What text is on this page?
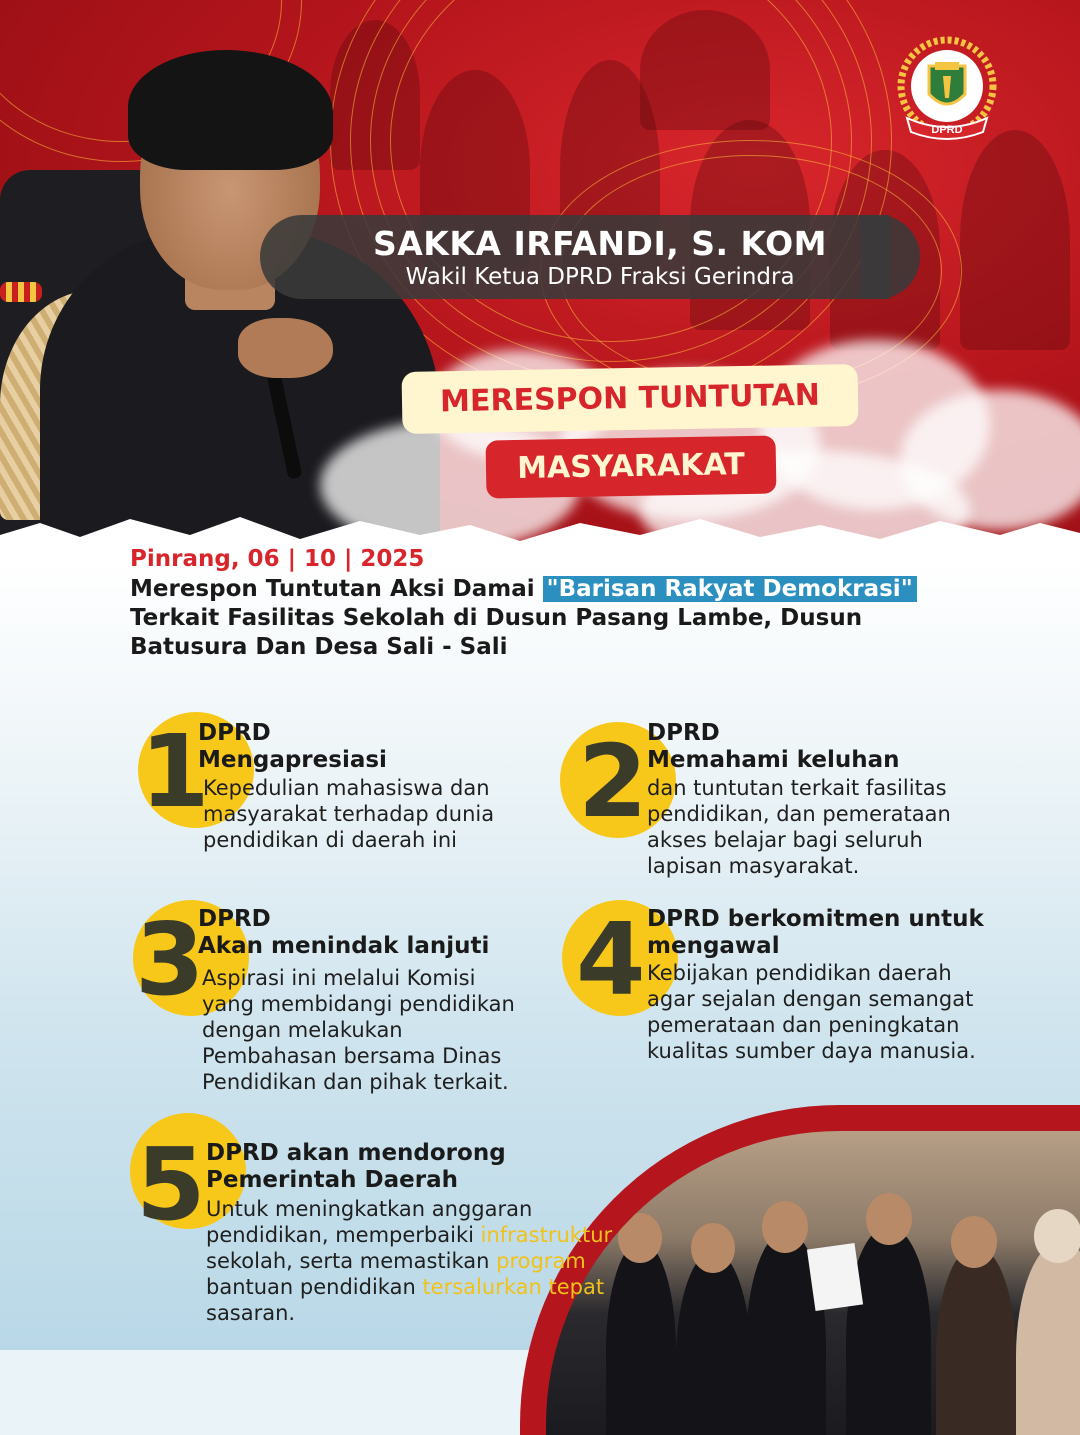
SAKKA IRFANDI, S. KOM
Wakil Ketua DPRD Fraksi Gerindra
MERESPON TUNTUTAN
MASYARAKAT
DPRD
Pinrang, 06 | 10 | 2025
Merespon Tuntutan Aksi Damai "Barisan Rakyat Demokrasi"
Terkait Fasilitas Sekolah di Dusun Pasang Lambe, Dusun
Batusura Dan Desa Sali - Sali
1
DPRD
Mengapresiasi
Kepedulian mahasiswa dan
masyarakat terhadap dunia
pendidikan di daerah ini 2 DPRD
Memahami keluhan
dan tuntutan terkait fasilitas
pendidikan, dan pemerataan
akses belajar bagi seluruh
lapisan masyarakat.
3
DPRD
Akan menindak lanjuti
Aspirasi ini melalui Komisi
yang membidangi pendidikan
dengan melakukan
Pembahasan bersama Dinas
Pendidikan dan pihak terkait.
4 DPRD berkomitmen untuk
mengawal
Kebijakan pendidikan daerah
agar sejalan dengan semangat
pemerataan dan peningkatan
kualitas sumber daya manusia.
5 DPRD akan mendorong
Pemerintah Daerah
Untuk meningkatkan anggaran
pendidikan, memperbaiki infrastruktur
sekolah, serta memastikan program
bantuan pendidikan tersalurkan tepat
sasaran.
